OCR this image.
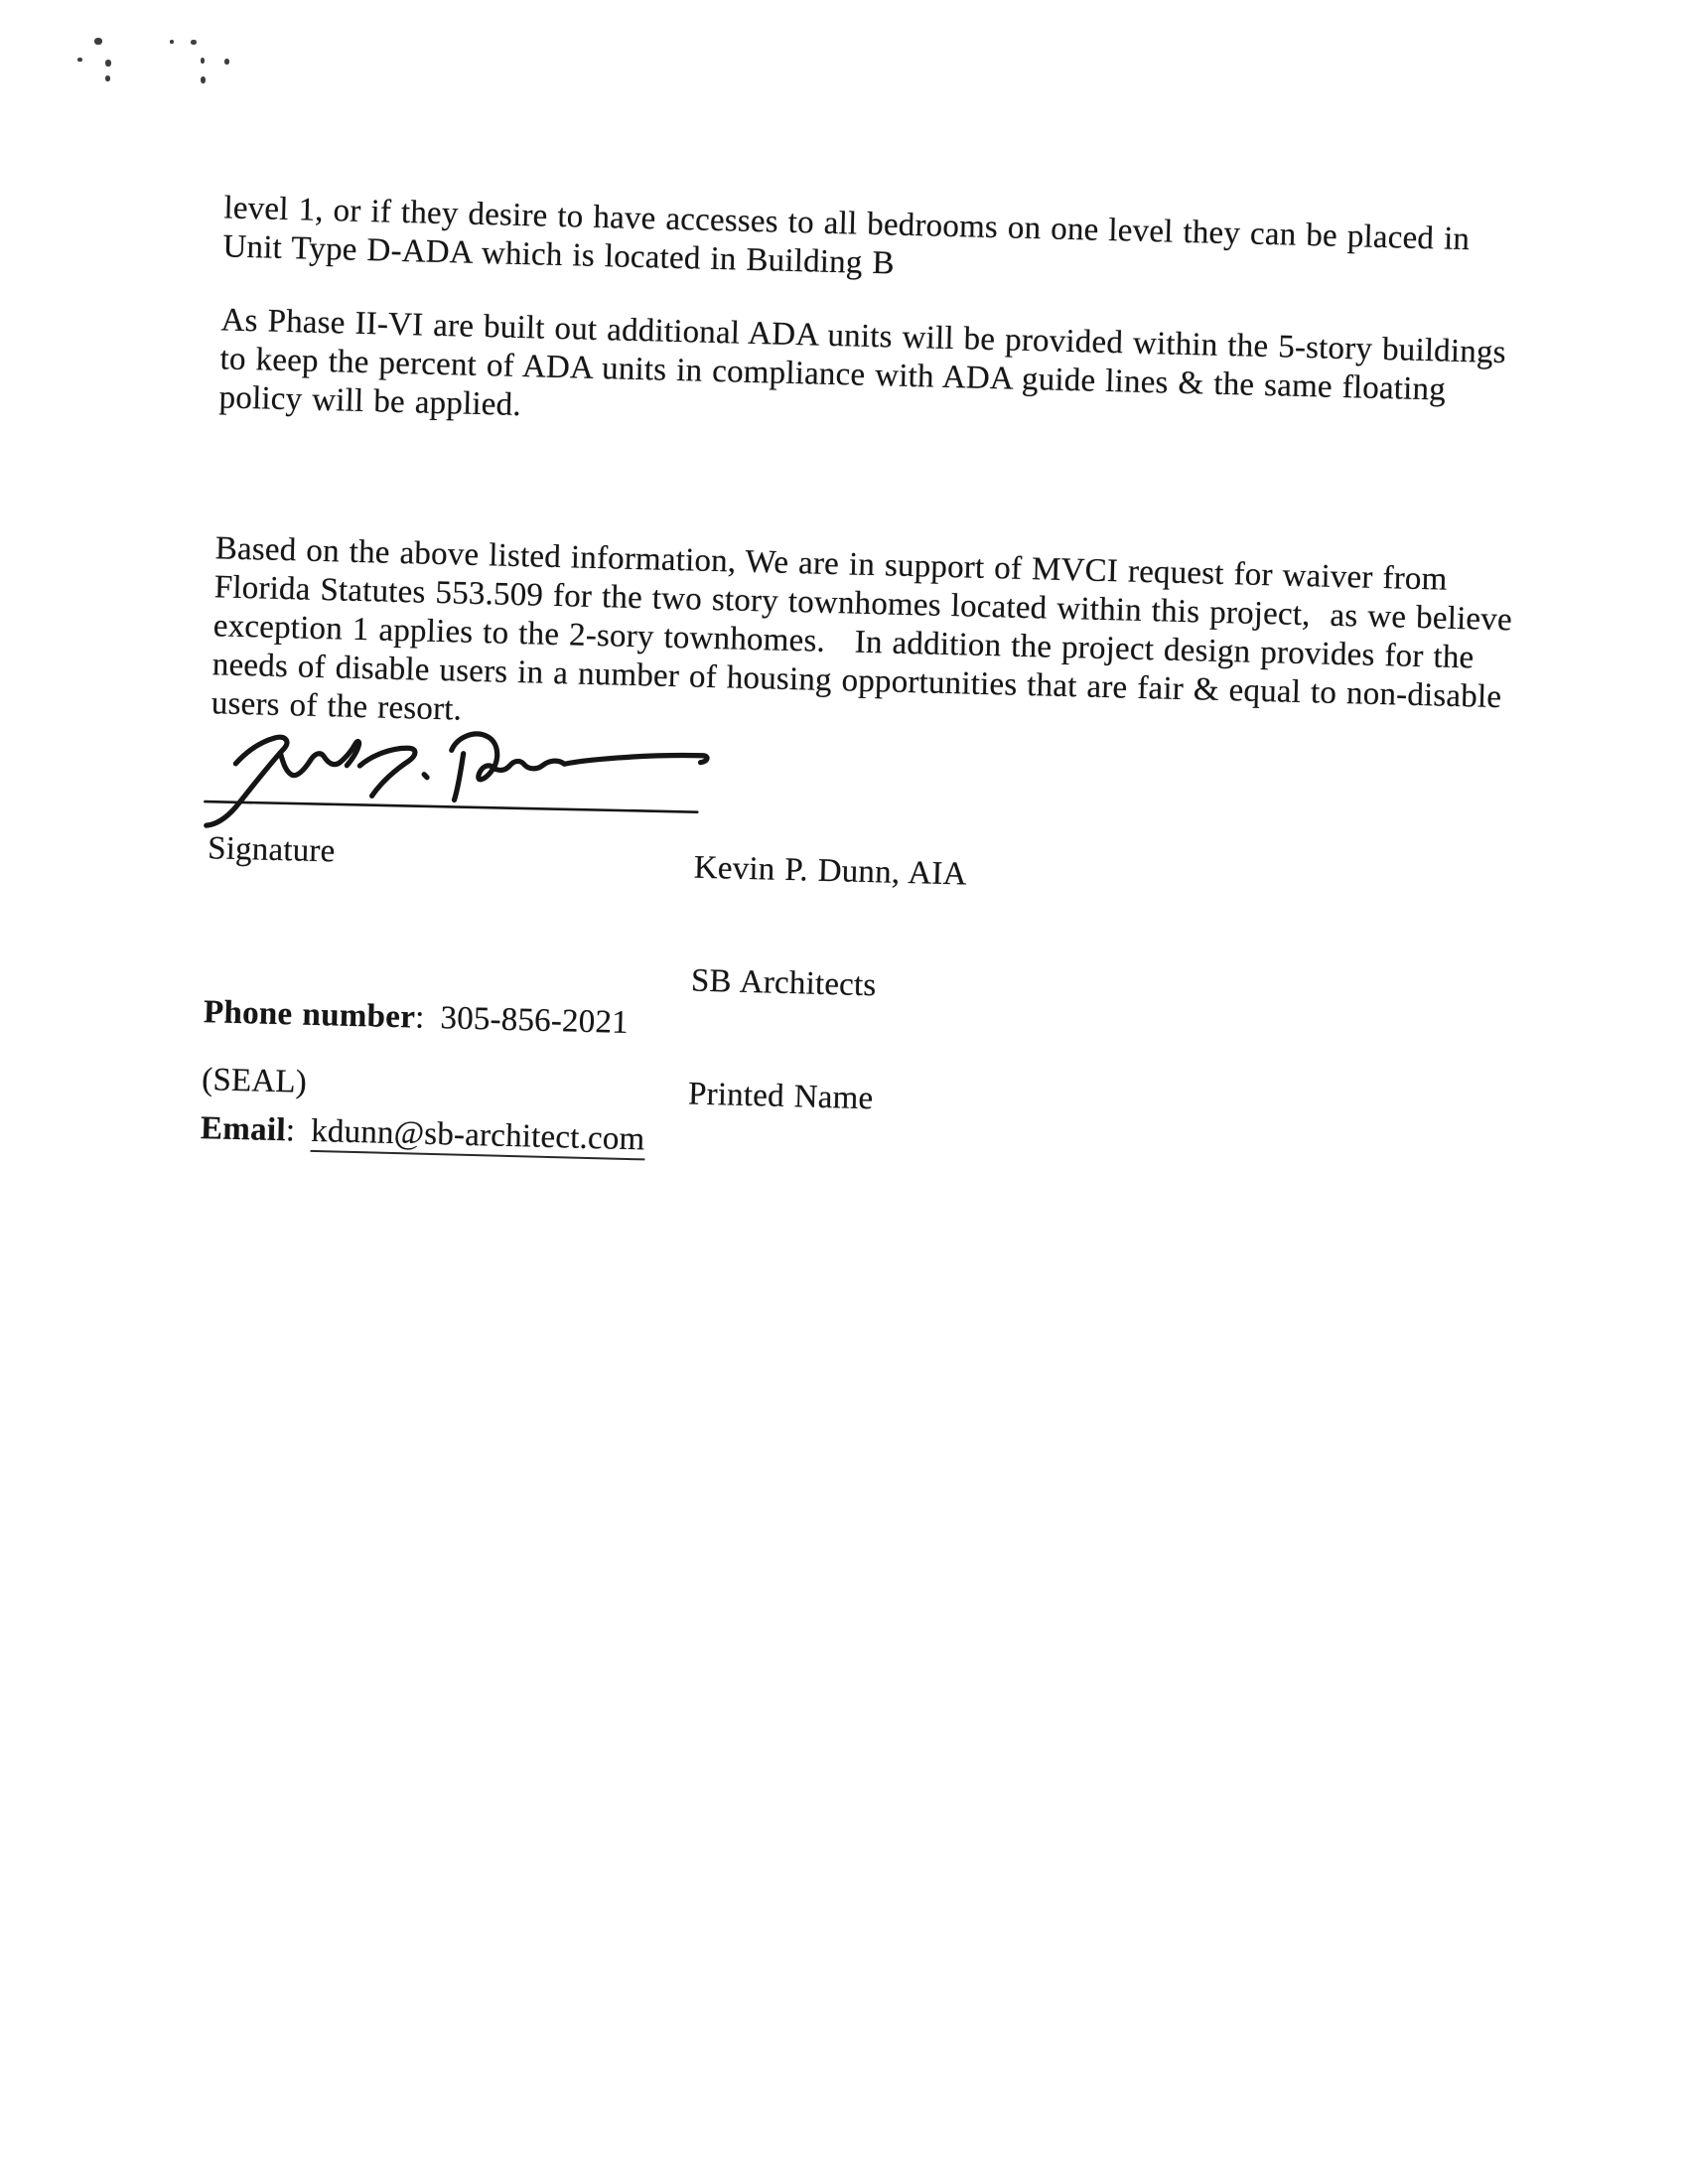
level 1, or if they desire to have accesses to all bedrooms on one level they can be placed in
Unit Type D-ADA which is located in Building B

As Phase II-VI are built out additional ADA units will be provided within the 5-story buildings
to keep the percent of ADA units in compliance with ADA guide lines & the same floating
policy will be applied.

Based on the above listed information, We are in support of MVCI request for waiver from
Florida Statutes 553.509 for the two story townhomes located within this project,  as we believe
exception 1 applies to the 2-sory townhomes.   In addition the project design provides for the
needs of disable users in a number of housing opportunities that are fair & equal to non-disable
users of the resort.

Kevin P. Dunn, AIA

SB Architects

Printed Name

Signature

Phone number: 305-856-2021

Email: kdunn@sb-architect.com

(SEAL)
